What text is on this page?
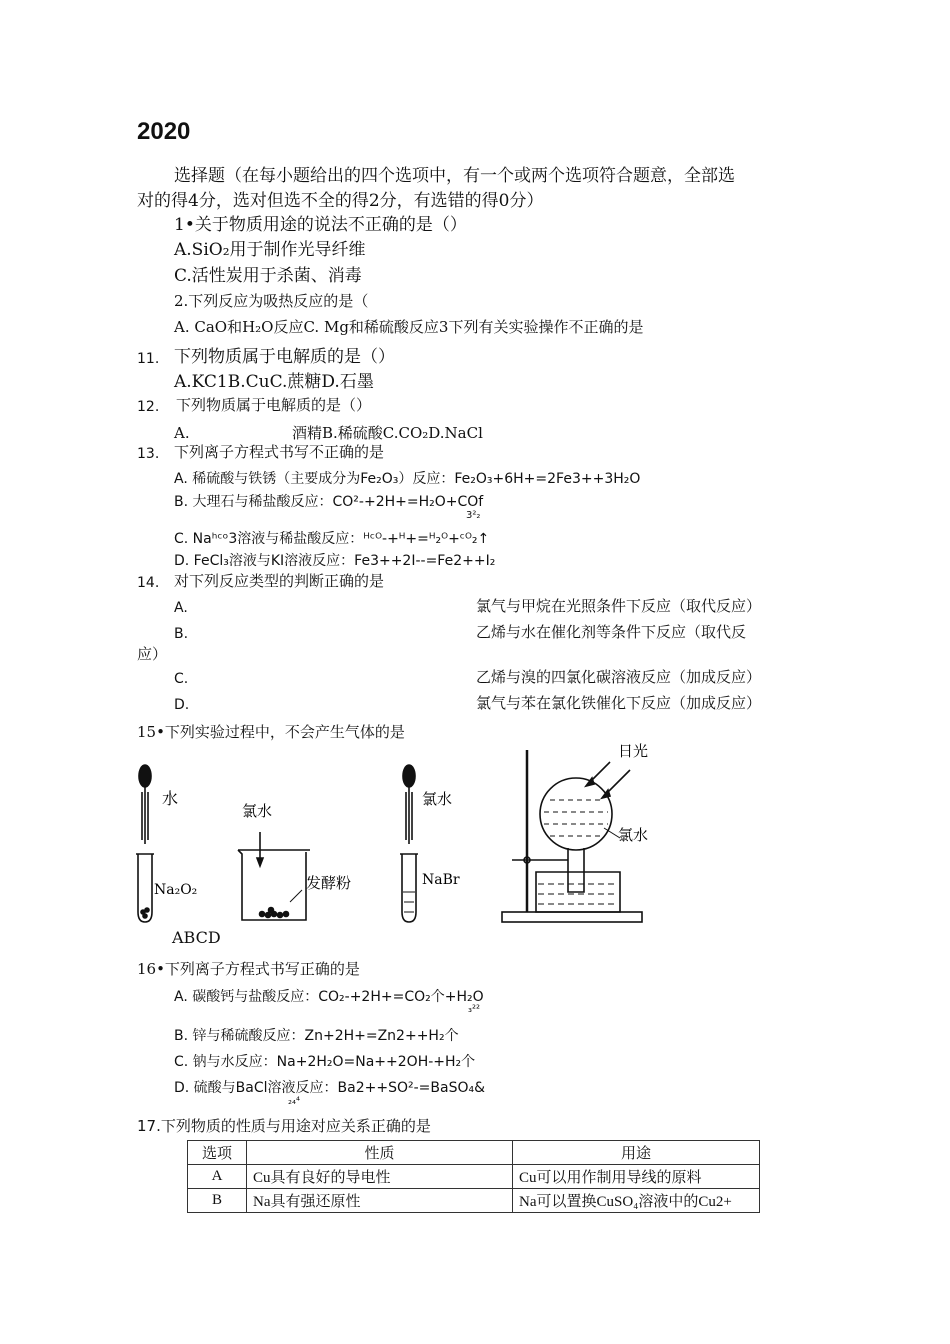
2020
选择题（在每小题给出的四个选项中，有一个或两个选项符合题意，全部选
对的得4分，选对但选不全的得2分，有选错的得0分）
1•关于物质用途的说法不正确的是（）
A.SiO₂用于制作光导纤维
C.活性炭用于杀菌、消毒
2.下列反应为吸热反应的是（
A. CaO和H₂O反应C. Mg和稀硫酸反应3下列有关实验操作不正确的是
11. 下列物质属于电解质的是（）
A.KC1B.CuC.蔗糖D.石墨
12. 下列物质属于电解质的是（）
A.	酒精B.稀硫酸C.CO₂D.NaCl
13. 下列离子方程式书写不正确的是
A. 稀硫酸与铁锈（主要成分为Fe₂O₃）反应：Fe₂O₃+6H+=2Fe3++3H₂O
B. 大理石与稀盐酸反应：CO²-+2H+=H₂O+COf
3²₂
C. Naʰᶜᵒ3溶液与稀盐酸反应：ᴴᶜᴼ-+ᴴ+=ᴴ₂ᴼ+ᶜᴼ₂↑
D. FeCl₃溶液与KI溶液反应：Fe3++2I--=Fe2++I₂
14. 对下列反应类型的判断正确的是
A.	氯气与甲烷在光照条件下反应（取代反应）
B.	乙烯与水在催化剂等条件下反应（取代反
应）
C.	乙烯与溴的四氯化碳溶液反应（加成反应）
D.	氯气与苯在氯化铁催化下反应（加成反应）
15•下列实验过程中，不会产生气体的是
水
Na₂O₂
氯水
发酵粉
氯水
NaBr
日光
氯水
ABCD
16•下列离子方程式书写正确的是
A. 碳酸钙与盐酸反应：CO₂-+2H+=CO₂个+H₂O
₃²²
B. 锌与稀硫酸反应：Zn+2H+=Zn2++H₂个
C. 钠与水反应：Na+2H₂O=Na++2OH-+H₂个
D. 硫酸与BaCl溶液反应：Ba2++SO²-=BaSO₄&
₂₄⁴
17.下列物质的性质与用途对应关系正确的是
选项	性质	用途
A	Cu具有良好的导电性	Cu可以用作制用导线的原料
B	Na具有强还原性	Na可以置换CuSO₄溶液中的Cu2+
